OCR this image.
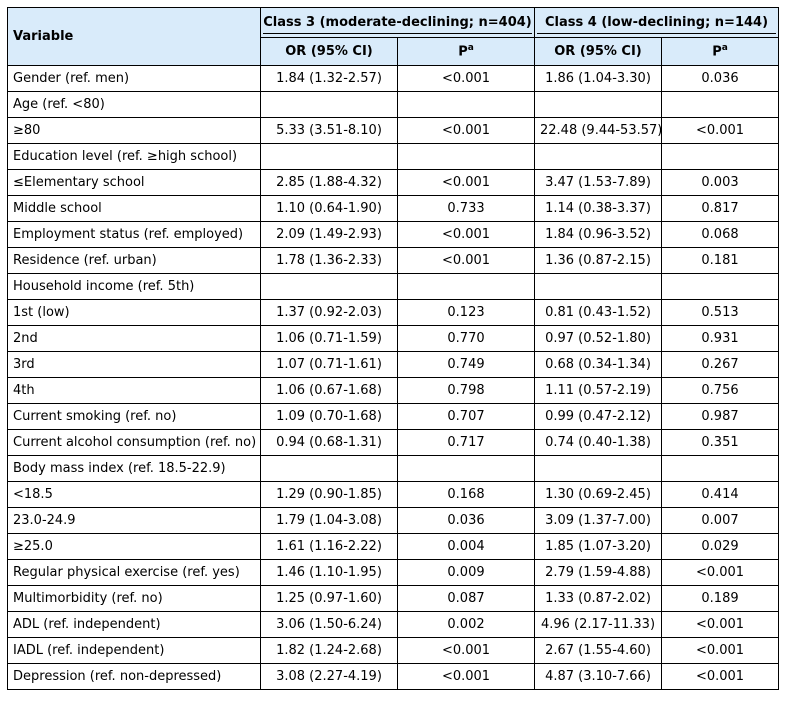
Variable	Class 3 (moderate-declining; n=404)		Class 4 (low-declining; n=144)	

	OR (95% CI)	$P^a$	OR (95% CI)	$P^a$
Gender (ref. men)	1.84 (1.32-2.57)	<0.001	1.86 (1.04-3.30)	0.036
Age (ref. <80)				
≥80	5.33 (3.51-8.10)	<0.001	22.48 (9.44-53.57)	<0.001
Education level (ref. ≥high school)				
≤Elementary school	2.85 (1.88-4.32)	<0.001	3.47 (1.53-7.89)	0.003
Middle school	1.10 (0.64-1.90)	0.733	1.14 (0.38-3.37)	0.817
Employment status (ref. employed)	2.09 (1.49-2.93)	<0.001	1.84 (0.96-3.52)	0.068
Residence (ref. urban)	1.78 (1.36-2.33)	<0.001	1.36 (0.87-2.15)	0.181
Household income (ref. 5th)				
1st (low)	1.37 (0.92-2.03)	0.123	0.81 (0.43-1.52)	0.513
2nd	1.06 (0.71-1.59)	0.770	0.97 (0.52-1.80)	0.931
3rd	1.07 (0.71-1.61)	0.749	0.68 (0.34-1.34)	0.267
4th	1.06 (0.67-1.68)	0.798	1.11 (0.57-2.19)	0.756
Current smoking (ref. no)	1.09 (0.70-1.68)	0.707	0.99 (0.47-2.12)	0.987
Current alcohol consumption (ref. no)	0.94 (0.68-1.31)	0.717	0.74 (0.40-1.38)	0.351
Body mass index (ref. 18.5-22.9)				
<18.5	1.29 (0.90-1.85)	0.168	1.30 (0.69-2.45)	0.414
23.0-24.9	1.79 (1.04-3.08)	0.036	3.09 (1.37-7.00)	0.007
≥25.0	1.61 (1.16-2.22)	0.004	1.85 (1.07-3.20)	0.029
Regular physical exercise (ref. yes)	1.46 (1.10-1.95)	0.009	2.79 (1.59-4.88)	<0.001
Multimorbidity (ref. no)	1.25 (0.97-1.60)	0.087	1.33 (0.87-2.02)	0.189
ADL (ref. independent)	3.06 (1.50-6.24)	0.002	4.96 (2.17-11.33)	<0.001
IADL (ref. independent)	1.82 (1.24-2.68)	<0.001	2.67 (1.55-4.60)	<0.001
Depression (ref. non-depressed)	3.08 (2.27-4.19)	<0.001	4.87 (3.10-7.66)	<0.001
